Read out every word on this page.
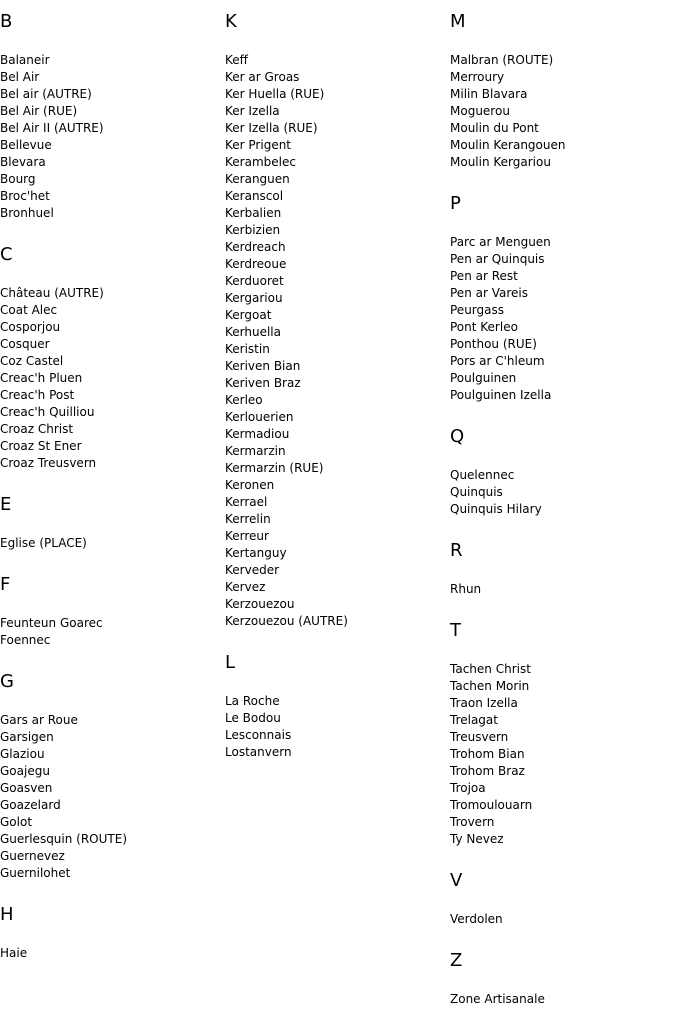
B
Balaneir
Bel Air
Bel air (AUTRE)
Bel Air (RUE)
Bel Air II (AUTRE)
Bellevue
Blevara
Bourg
Broc'het
Bronhuel
C
Château (AUTRE)
Coat Alec
Cosporjou
Cosquer
Coz Castel
Creac'h Pluen
Creac'h Post
Creac'h Quilliou
Croaz Christ
Croaz St Ener
Croaz Treusvern
E
Eglise (PLACE)
F
Feunteun Goarec
Foennec
G
Gars ar Roue
Garsigen
Glaziou
Goajegu
Goasven
Goazelard
Golot
Guerlesquin (ROUTE)
Guernevez
Guernilohet
H
Haie
K
Keff
Ker ar Groas
Ker Huella (RUE)
Ker Izella
Ker Izella (RUE)
Ker Prigent
Kerambelec
Keranguen
Keranscol
Kerbalien
Kerbizien
Kerdreach
Kerdreoue
Kerduoret
Kergariou
Kergoat
Kerhuella
Keristin
Keriven Bian
Keriven Braz
Kerleo
Kerlouerien
Kermadiou
Kermarzin
Kermarzin (RUE)
Keronen
Kerrael
Kerrelin
Kerreur
Kertanguy
Kerveder
Kervez
Kerzouezou
Kerzouezou (AUTRE)
L
La Roche
Le Bodou
Lesconnais
Lostanvern
M
Malbran (ROUTE)
Merroury
Milin Blavara
Moguerou
Moulin du Pont
Moulin Kerangouen
Moulin Kergariou
P
Parc ar Menguen
Pen ar Quinquis
Pen ar Rest
Pen ar Vareis
Peurgass
Pont Kerleo
Ponthou (RUE)
Pors ar C'hleum
Poulguinen
Poulguinen Izella
Q
Quelennec
Quinquis
Quinquis Hilary
R
Rhun
T
Tachen Christ
Tachen Morin
Traon Izella
Trelagat
Treusvern
Trohom Bian
Trohom Braz
Trojoa
Tromoulouarn
Trovern
Ty Nevez
V
Verdolen
Z
Zone Artisanale
